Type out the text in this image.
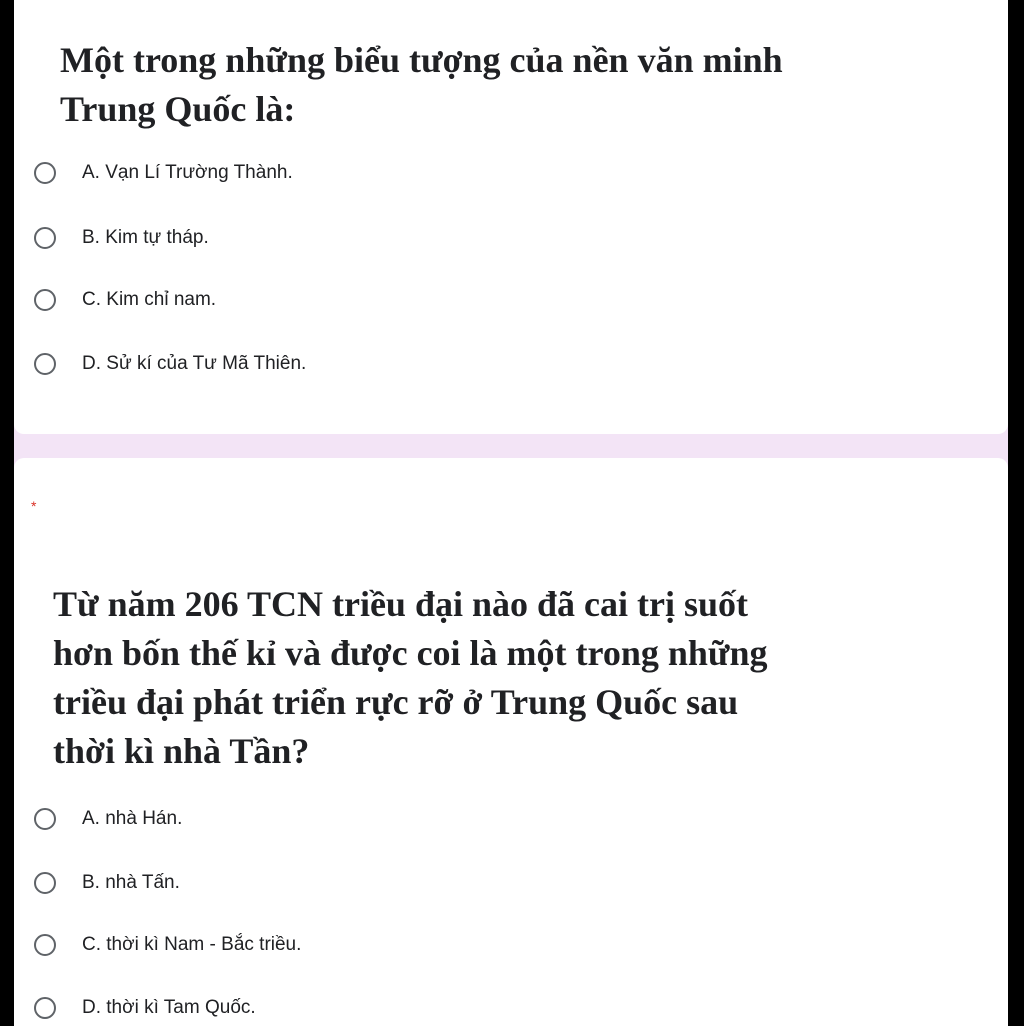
Một trong những biểu tượng của nền văn minh Trung Quốc là:

A. Vạn Lí Trường Thành.
B. Kim tự tháp.
C. Kim chỉ nam.
D. Sử kí của Tư Mã Thiên.
*

Từ năm 206 TCN triều đại nào đã cai trị suốt hơn bốn thế kỉ và được coi là một trong những triều đại phát triển rực rỡ ở Trung Quốc sau thời kì nhà Tần?

A. nhà Hán.
B. nhà Tấn.
C. thời kì Nam - Bắc triều.
D. thời kì Tam Quốc.
